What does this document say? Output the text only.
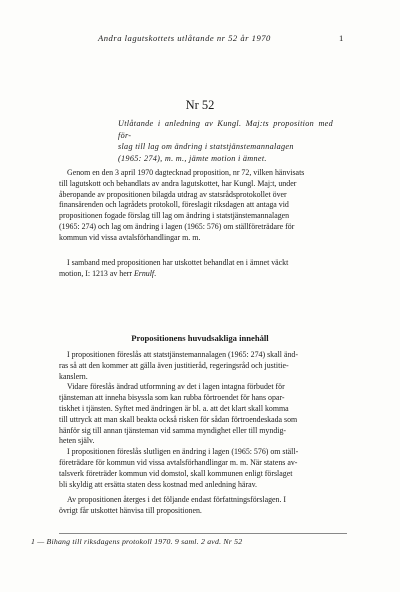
Andra lagutskottets utlåtande nr 52 år 1970	1
Nr 52
Utlåtande i anledning av Kungl. Maj:ts proposition med för-
slag till lag om ändring i statstjänstemannalagen
(1965: 274), m. m., jämte motion i ämnet.
Genom en den 3 april 1970 dagtecknad proposition, nr 72, vilken hänvisats
till lagutskott och behandlats av andra lagutskottet, har Kungl. Maj:t, under
åberopande av propositionen bilagda utdrag av statsrådsprotokollet över
finansärenden och lagrådets protokoll, föreslagit riksdagen att antaga vid
propositionen fogade förslag till lag om ändring i statstjänstemannalagen
(1965: 274) och lag om ändring i lagen (1965: 576) om ställföreträdare för
kommun vid vissa avtalsförhandlingar m. m.
I samband med propositionen har utskottet behandlat en i ämnet väckt
motion, I: 1213 av herr Ernulf.
Propositionens huvudsakliga innehåll
I propositionen föreslås att statstjänstemannalagen (1965: 274) skall änd-
ras så att den kommer att gälla även justitieråd, regeringsråd och justitie-
kanslern.
Vidare föreslås ändrad utformning av det i lagen intagna förbudet för
tjänsteman att inneha bisyssla som kan rubba förtroendet för hans opar-
tiskhet i tjänsten. Syftet med ändringen är bl. a. att det klart skall komma
till uttryck att man skall beakta också risken för sådan förtroendeskada som
hänför sig till annan tjänsteman vid samma myndighet eller till myndig-
heten själv.
I propositionen föreslås slutligen en ändring i lagen (1965: 576) om ställ-
företrädare för kommun vid vissa avtalsförhandlingar m. m. När statens av-
talsverk företräder kommun vid domstol, skall kommunen enligt förslaget
bli skyldig att ersätta staten dess kostnad med anledning härav.
Av propositionen återges i det följande endast författningsförslagen. I
övrigt får utskottet hänvisa till propositionen.
1 — Bihang till riksdagens protokoll 1970. 9 saml. 2 avd. Nr 52
